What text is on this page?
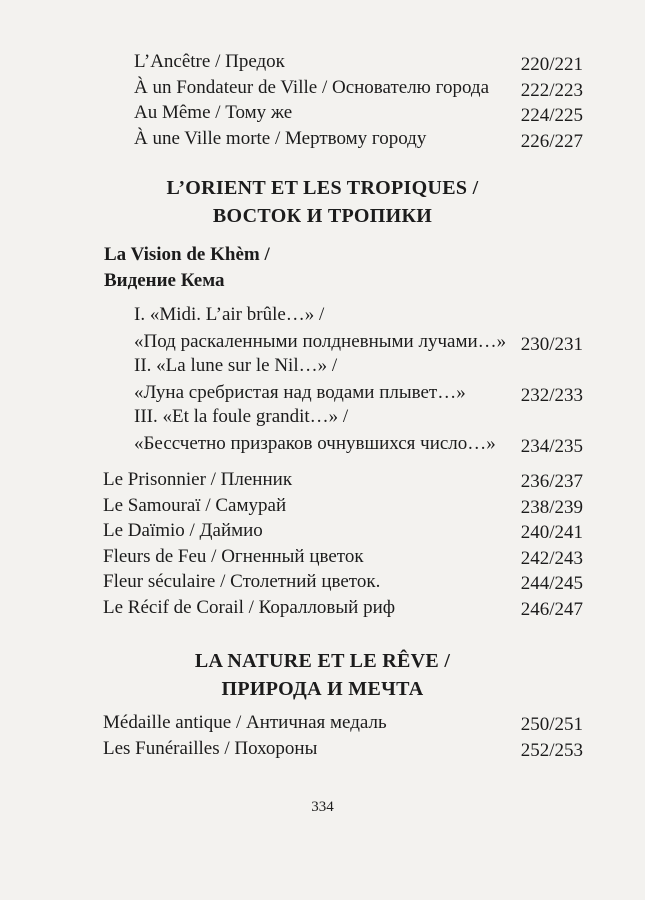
L’Ancêtre / Предок	220/221
À un Fondateur de Ville / Основателю города 222/223
Au Même / Тому же	224/225
À une Ville morte / Мертвому городу	226/227
L’ORIENT ET LES TROPIQUES /
ВОСТОК И ТРОПИКИ
La Vision de Khèm /
Видение Кема
I. «Midi. L’air brûle…» /
«Под раскаленными полдневными лучами…» 230/231
II. «La lune sur le Nil…» /
«Луна сребристая над водами плывет…»	232/233
III. «Et la foule grandit…» /
«Бессчетно призраков очнувшихся число…» 234/235
Le Prisonnier / Пленник	236/237
Le Samouraï / Самурай	238/239
Le Daïmio / Даймио	240/241
Fleurs de Feu / Огненный цветок	242/243
Fleur séculaire / Столетний цветок.	244/245
Le Récif de Corail / Коралловый риф	246/247
LA NATURE ET LE RÊVE /
ПРИРОДА И МЕЧТА
Médaille antique / Античная медаль	250/251
Les Funérailles / Похороны	252/253
334
